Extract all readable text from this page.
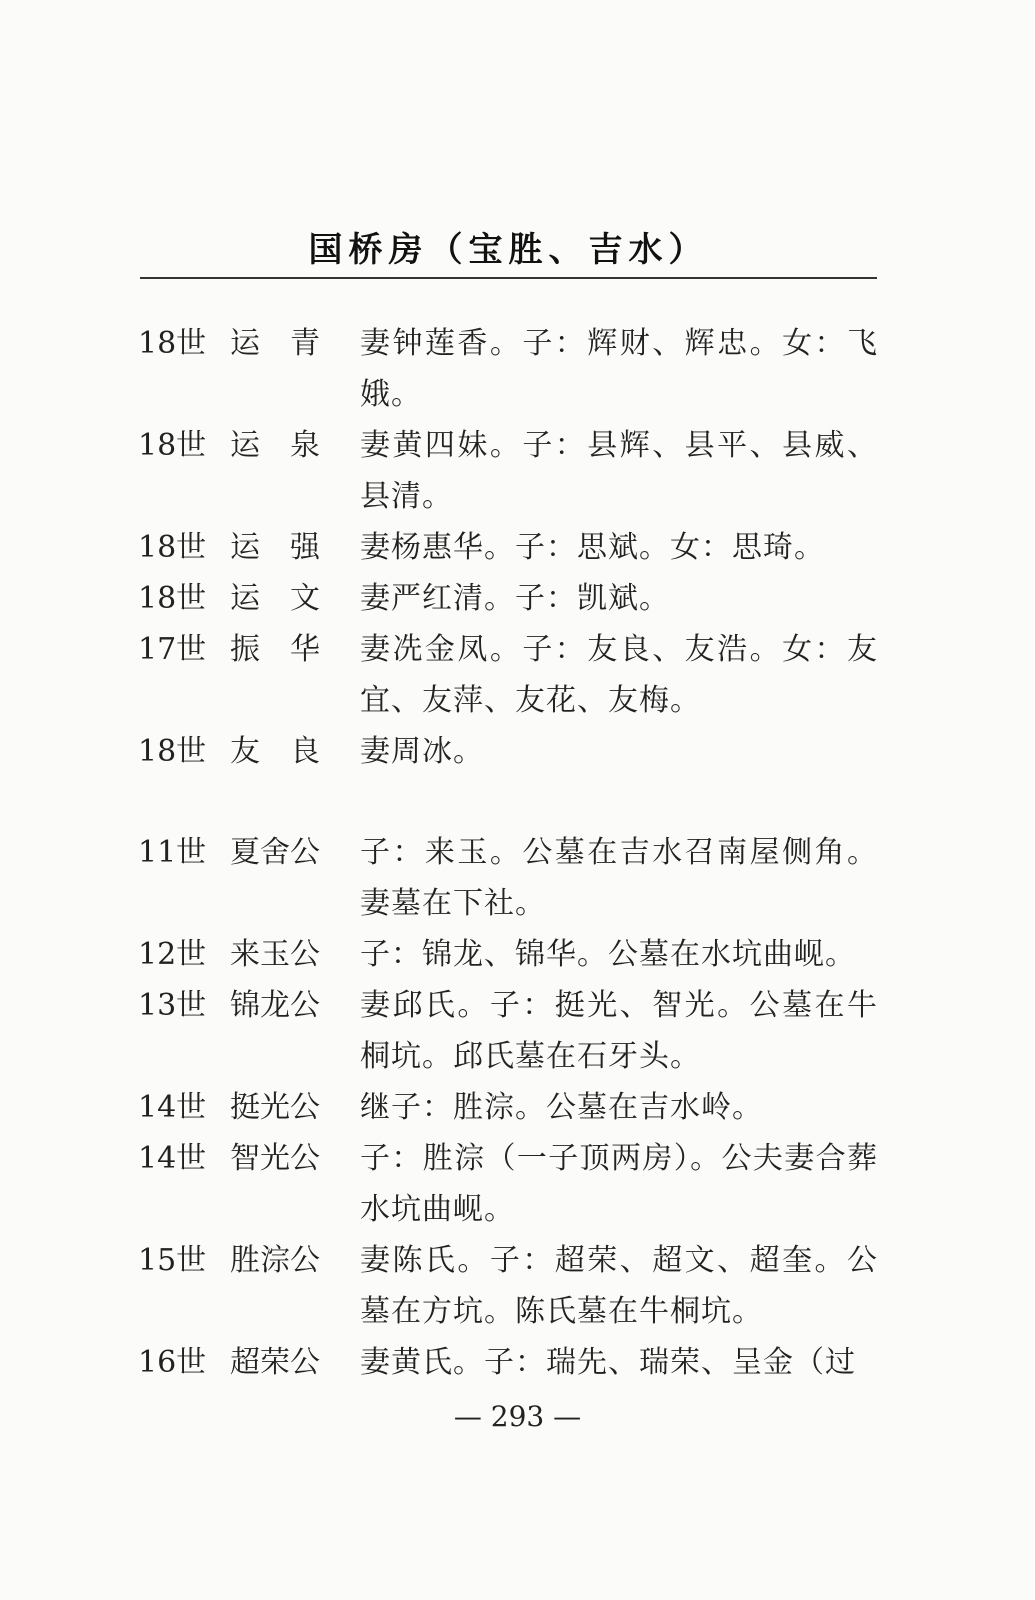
国桥房（宝胜、吉水）
18世 运 青 妻钟莲香。子：辉财、辉忠。女：飞娥。
18世 运 泉 妻黄四妹。子：县辉、县平、县威、县清。
18世 运 强 妻杨惠华。子：思斌。女：思琦。
18世 运 文 妻严红清。子：凯斌。
17世 振 华 妻冼金凤。子：友良、友浩。女：友宜、友萍、友花、友梅。
18世 友 良 妻周冰。
11世 夏舍公	子：来玉。公墓在吉水召南屋侧角。妻墓在下社。
12世 来玉公	子：锦龙、锦华。公墓在水坑曲岘。
13世 锦龙公	妻邱氏。子：挺光、智光。公墓在牛桐坑。邱氏墓在石牙头。
14世 挺光公	继子：胜淙。公墓在吉水岭。
14世 智光公	子：胜淙（一子顶两房）。公夫妻合葬水坑曲岘。
15世 胜淙公	妻陈氏。子：超荣、超文、超奎。公墓在方坑。陈氏墓在牛桐坑。
16世 超荣公	妻黄氏。子：瑞先、瑞荣、呈金（过
— 293 —
